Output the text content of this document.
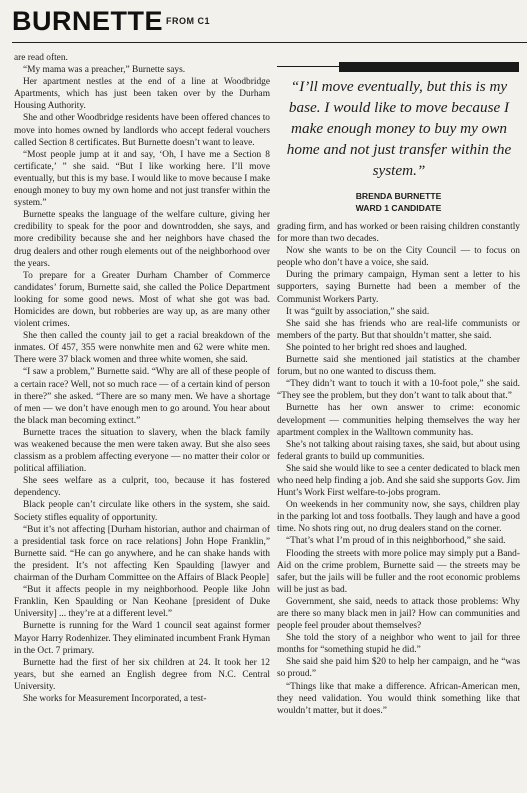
BURNETTE FROM C1

are read often.

“My mama was a preacher,” Burnette says.

Her apartment nestles at the end of a line at Woodbridge Apartments, which has just been taken over by the Durham Housing Authority.

She and other Woodbridge residents have been offered chances to move into homes owned by landlords who accept federal vouchers called Section 8 certificates. But Burnette doesn’t want to leave.

“Most people jump at it and say, ‘Oh, I have me a Section 8 certificate,’ ” she said. “But I like working here. I’ll move eventually, but this is my base. I would like to move because I make enough money to buy my own home and not just transfer within the system.”

Burnette speaks the language of the welfare culture, giving her credibility to speak for the poor and downtrodden, she says, and more credibility because she and her neighbors have chased the drug dealers and other rough elements out of the neighborhood over the years.

To prepare for a Greater Durham Chamber of Commerce candidates’ forum, Burnette said, she called the Police Department looking for some good news. Most of what she got was bad. Homicides are down, but robberies are way up, as are many other violent crimes.

She then called the county jail to get a racial breakdown of the inmates. Of 457, 355 were nonwhite men and 62 were white men. There were 37 black women and three white women, she said.

“I saw a problem,” Burnette said. “Why are all of these people of a certain race? Well, not so much race — of a certain kind of person in there?” she asked. “There are so many men. We have a shortage of men — we don’t have enough men to go around. You hear about the black man becoming extinct.”

Burnette traces the situation to slavery, when the black family was weakened because the men were taken away. But she also sees classism as a problem affecting everyone — no matter their color or political affiliation.

She sees welfare as a culprit, too, because it has fostered dependency.

Black people can’t circulate like others in the system, she said. Society stifles equality of opportunity.

“But it’s not affecting [Durham historian, author and chairman of a presidential task force on race relations] John Hope Franklin,” Burnette said. “He can go anywhere, and he can shake hands with the president. It’s not affecting Ken Spaulding [lawyer and chairman of the Durham Committee on the Affairs of Black People]

“But it affects people in my neighborhood. People like John Franklin, Ken Spaulding or Nan Keohane [president of Duke University] ... they’re at a different level.”

Burnette is running for the Ward 1 council seat against former Mayor Harry Rodenhizer. They eliminated incumbent Frank Hyman in the Oct. 7 primary.

Burnette had the first of her six children at 24. It took her 12 years, but she earned an English degree from N.C. Central University.

She works for Measurement Incorporated, a test-

“I’ll move eventually, but this is my base. I would like to move because I make enough money to buy my own home and not just transfer within the system.”
BRENDA BURNETTE
WARD 1 CANDIDATE

grading firm, and has worked or been raising children constantly for more than two decades.

Now she wants to be on the City Council — to focus on people who don’t have a voice, she said.

During the primary campaign, Hyman sent a letter to his supporters, saying Burnette had been a member of the Communist Workers Party.

It was “guilt by association,” she said.

She said she has friends who are real-life communists or members of the party. But that shouldn’t matter, she said.

She pointed to her bright red shoes and laughed.

Burnette said she mentioned jail statistics at the chamber forum, but no one wanted to discuss them.

“They didn’t want to touch it with a 10-foot pole,” she said. “They see the problem, but they don’t want to talk about that.”

Burnette has her own answer to crime: economic development — communities helping themselves the way her apartment complex in the Walltown community has.

She’s not talking about raising taxes, she said, but about using federal grants to build up communities.

She said she would like to see a center dedicated to black men who need help finding a job. And she said she supports Gov. Jim Hunt’s Work First welfare-to-jobs program.

On weekends in her community now, she says, children play in the parking lot and toss footballs. They laugh and have a good time. No shots ring out, no drug dealers stand on the corner.

“That’s what I’m proud of in this neighborhood,” she said.

Flooding the streets with more police may simply put a Band-Aid on the crime problem, Burnette said — the streets may be safer, but the jails will be fuller and the root economic problems will be just as bad.

Government, she said, needs to attack those problems: Why are there so many black men in jail? How can communities and people feel prouder about themselves?

She told the story of a neighbor who went to jail for three months for “something stupid he did.”

She said she paid him $20 to help her campaign, and he “was so proud.”

“Things like that make a difference. African-American men, they need validation. You would think something like that wouldn’t matter, but it does.”
